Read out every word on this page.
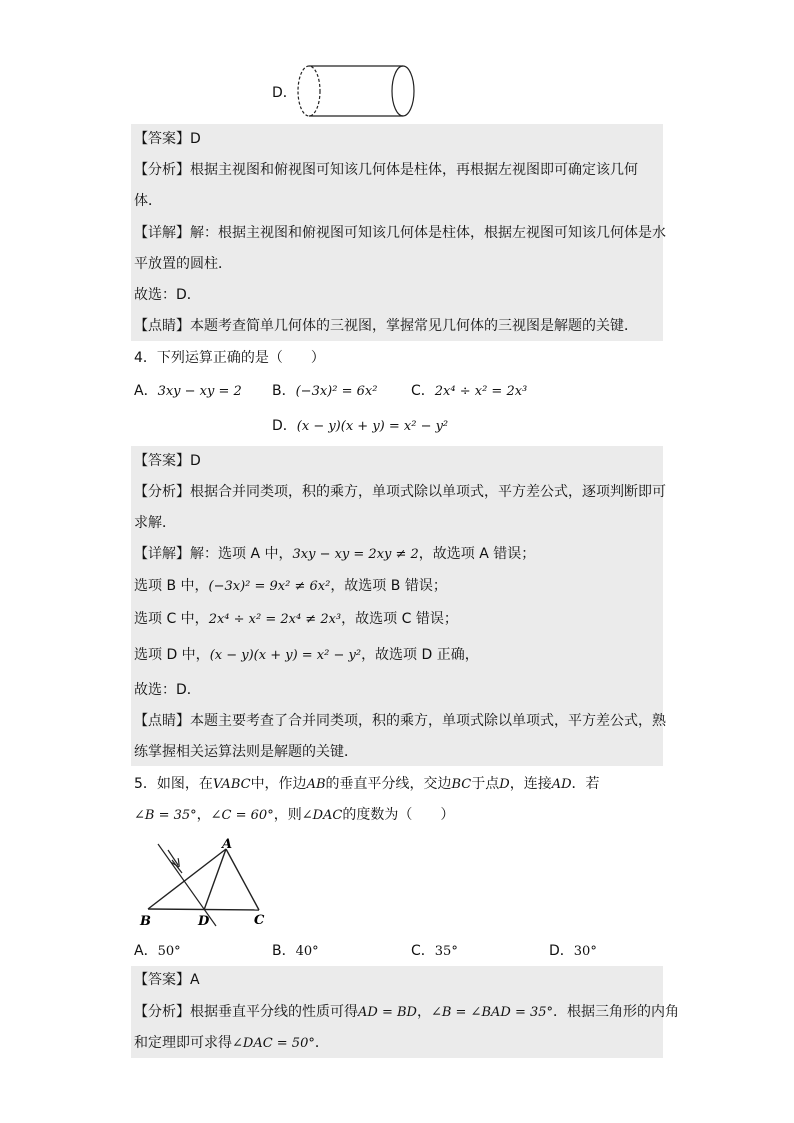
D．
【答案】D
【分析】根据主视图和俯视图可知该几何体是柱体，再根据左视图即可确定该几何
体．
【详解】解：根据主视图和俯视图可知该几何体是柱体，根据左视图可知该几何体是水
平放置的圆柱．
故选：D．
【点睛】本题考查简单几何体的三视图，掌握常见几何体的三视图是解题的关键．
4．下列运算正确的是（　　）
A．3xy − xy = 2 B．(−3x)² = 6x² C．2x⁴ ÷ x² = 2x³
D．(x − y)(x + y) = x² − y²
【答案】D
【分析】根据合并同类项，积的乘方，单项式除以单项式，平方差公式，逐项判断即可
求解．
【详解】解：选项 A 中，3xy − xy = 2xy ≠ 2，故选项 A 错误；
选项 B 中，(−3x)² = 9x² ≠ 6x²，故选项 B 错误；
选项 C 中，2x⁴ ÷ x² = 2x⁴ ≠ 2x³，故选项 C 错误；
选项 D 中，(x − y)(x + y) = x² − y²，故选项 D 正确，
故选：D．
【点睛】本题主要考查了合并同类项，积的乘方，单项式除以单项式，平方差公式，熟
练掌握相关运算法则是解题的关键．
5．如图，在VABC中，作边AB的垂直平分线，交边BC于点D，连接AD．若
∠B = 35°，∠C = 60°，则∠DAC的度数为（　　）
A
B	D	C
A．50°	B．40°	C．35°	D．30°
【答案】A
【分析】根据垂直平分线的性质可得AD = BD，∠B = ∠BAD = 35°．根据三角形的内角
和定理即可求得∠DAC = 50°．
